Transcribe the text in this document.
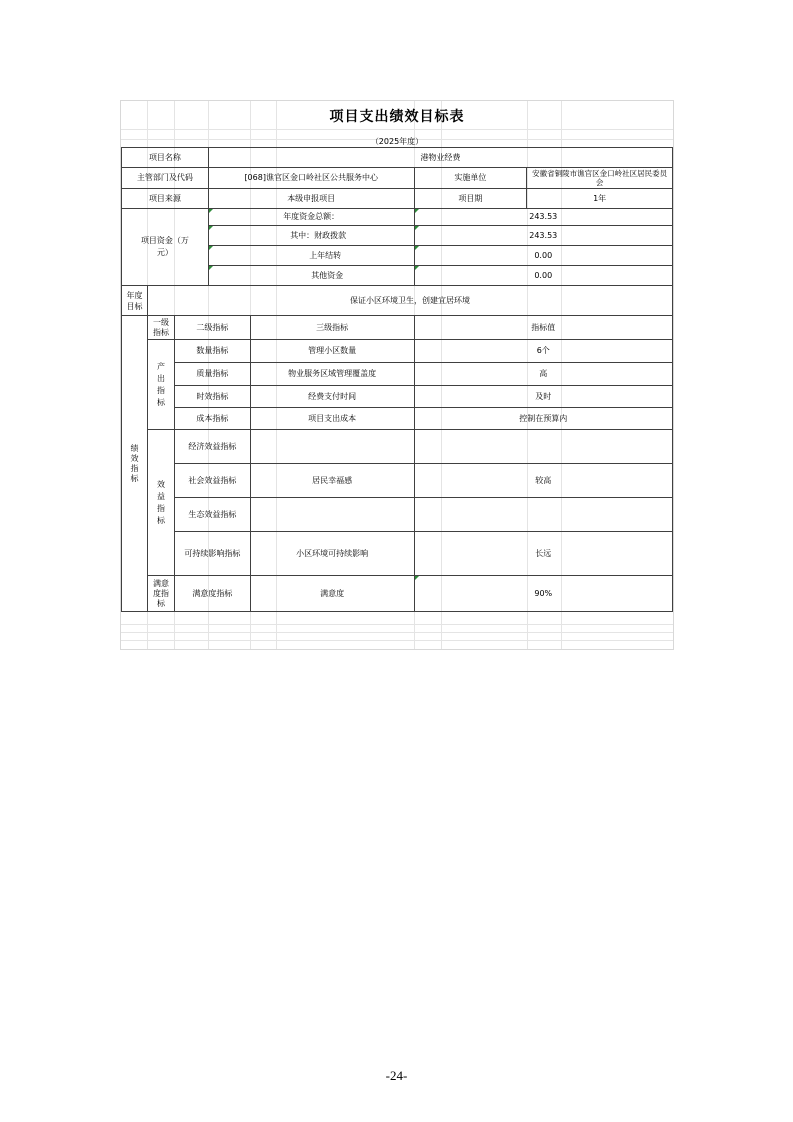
项目支出绩效目标表
（2025年度）
项目名称			港物业经费			
主管部门及代码			[068]谯官区金口岭社区公共服务中心		实施单位	安徽省铜陵市谯官区金口岭社区居民委员会
项目来源			本级申报项目		项目期	1年
项目资金（万元）			年度资金总额：		243.53	
			其中：财政拨款		243.53	
			上年结转		0.00	
			其他资金		0.00	
年度目标	保证小区环境卫生，创建宜居环境					
绩效指标	一级指标	二级指标		三级指标	指标值	
	产出指标	数量指标		管理小区数量	6个	
		质量指标		物业服务区域管理覆盖度	高	
		时效指标		经费支付时间	及时	
		成本指标		项目支出成本	控制在预算内	
	效益指标	经济效益指标				
		社会效益指标		居民幸福感	较高	
		生态效益指标				
		可持续影响指标		小区环境可持续影响	长远	
	满意度指标	满意度指标		满意度	90%	
-24-
